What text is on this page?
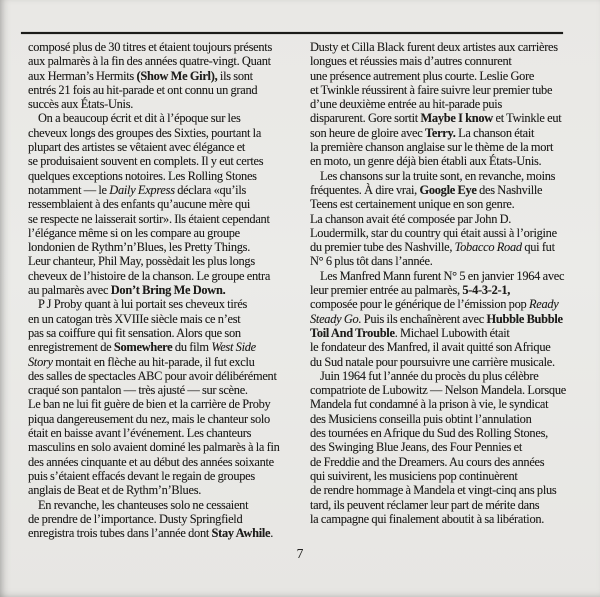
composé plus de 30 titres et étaient toujours présents
aux palmarès à la fin des années quatre-vingt. Quant
aux Herman’s Hermits (Show Me Girl), ils sont
entrés 21 fois au hit-parade et ont connu un grand
succès aux États-Unis.
On a beaucoup écrit et dit à l’époque sur les
cheveux longs des groupes des Sixties, pourtant la
plupart des artistes se vêtaient avec élégance et
se produisaient souvent en complets. Il y eut certes
quelques exceptions notoires. Les Rolling Stones
notamment — le Daily Express déclara «qu’ils
ressemblaient à des enfants qu’aucune mère qui
se respecte ne laisserait sortir». Ils étaient cependant
l’élégance même si on les compare au groupe
londonien de Rythm’n’Blues, les Pretty Things.
Leur chanteur, Phil May, possèdait les plus longs
cheveux de l’histoire de la chanson. Le groupe entra
au palmarès avec Don’t Bring Me Down.
P J Proby quant à lui portait ses cheveux tirés
en un catogan très XVIIIe siècle mais ce n’est
pas sa coiffure qui fit sensation. Alors que son
enregistrement de Somewhere du film West Side
Story montait en flèche au hit-parade, il fut exclu
des salles de spectacles ABC pour avoir délibérément
craqué son pantalon — très ajusté — sur scène.
Le ban ne lui fit guère de bien et la carrière de Proby
piqua dangereusement du nez, mais le chanteur solo
était en baisse avant l’événement. Les chanteurs
masculins en solo avaient dominé les palmarès à la fin
des années cinquante et au début des années soixante
puis s’étaient effacés devant le regain de groupes
anglais de Beat et de Rythm’n’Blues.
En revanche, les chanteuses solo ne cessaient
de prendre de l’importance. Dusty Springfield
enregistra trois tubes dans l’année dont Stay Awhile.
Dusty et Cilla Black furent deux artistes aux carrières
longues et réussies mais d’autres connurent
une présence autrement plus courte. Leslie Gore
et Twinkle réussirent à faire suivre leur premier tube
d’une deuxième entrée au hit-parade puis
disparurent. Gore sortit Maybe I know et Twinkle eut
son heure de gloire avec Terry. La chanson était
la première chanson anglaise sur le thème de la mort
en moto, un genre déjà bien établi aux États-Unis.
Les chansons sur la truite sont, en revanche, moins
fréquentes. À dire vrai, Google Eye des Nashville
Teens est certainement unique en son genre.
La chanson avait été composée par John D.
Loudermilk, star du country qui était aussi à l’origine
du premier tube des Nashville, Tobacco Road qui fut
N° 6 plus tôt dans l’année.
Les Manfred Mann furent N° 5 en janvier 1964 avec
leur premier entrée au palmarès, 5-4-3-2-1,
composée pour le générique de l’émission pop Ready
Steady Go. Puis ils enchaînèrent avec Hubble Bubble
Toil And Trouble. Michael Lubowith était
le fondateur des Manfred, il avait quitté son Afrique
du Sud natale pour poursuivre une carrière musicale.
Juin 1964 fut l’année du procès du plus célèbre
compatriote de Lubowitz — Nelson Mandela. Lorsque
Mandela fut condamné à la prison à vie, le syndicat
des Musiciens conseilla puis obtint l’annulation
des tournées en Afrique du Sud des Rolling Stones,
des Swinging Blue Jeans, des Four Pennies et
de Freddie and the Dreamers. Au cours des années
qui suivirent, les musiciens pop continuèrent
de rendre hommage à Mandela et vingt-cinq ans plus
tard, ils peuvent réclamer leur part de mérite dans
la campagne qui finalement aboutit à sa libération.
7
